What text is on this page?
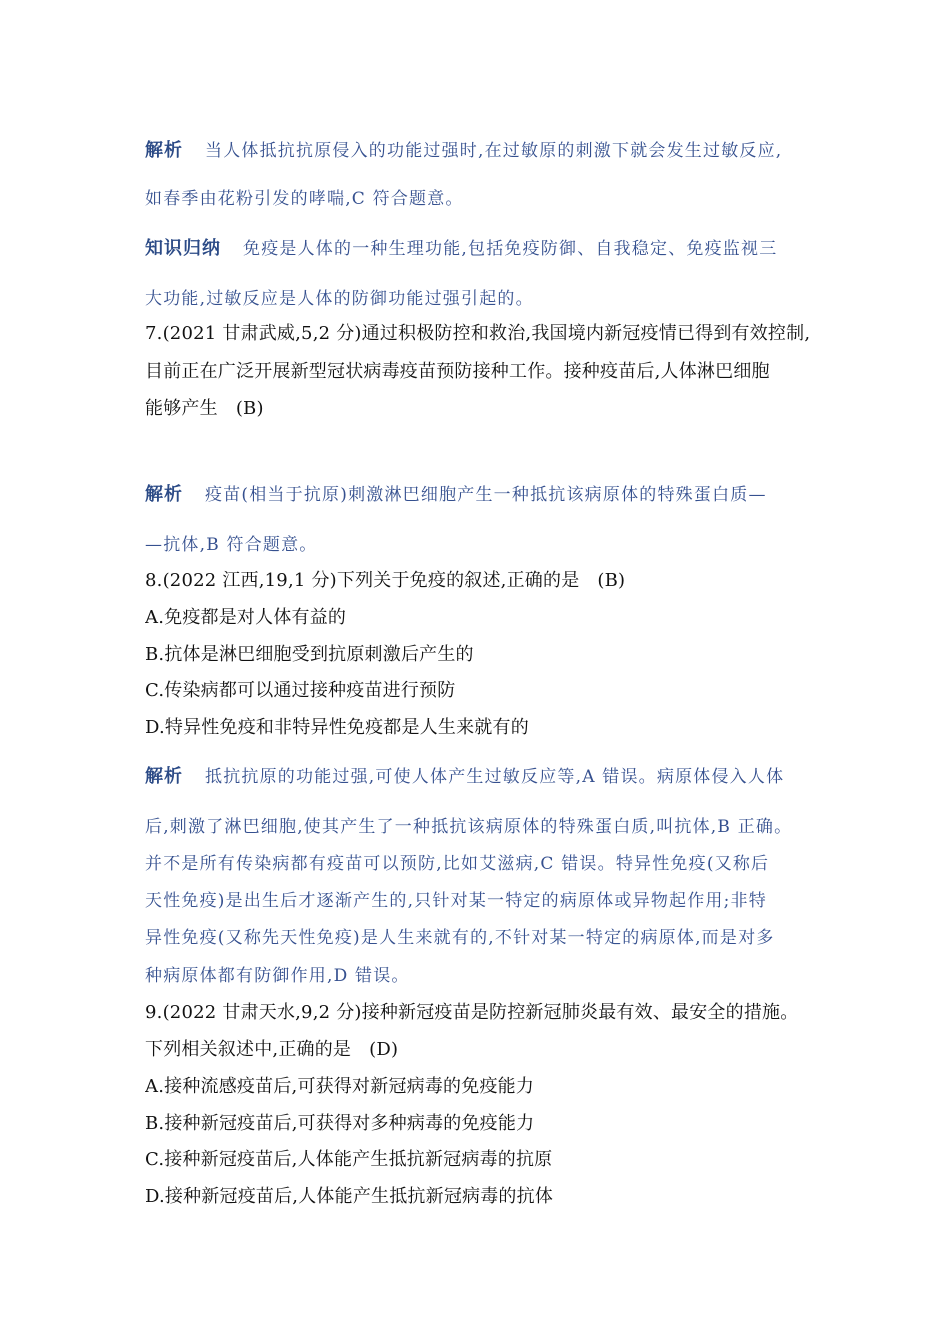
解析 当人体抵抗抗原侵入的功能过强时,在过敏原的刺激下就会发生过敏反应,
如春季由花粉引发的哮喘,C 符合题意。
知识归纳 免疫是人体的一种生理功能,包括免疫防御、自我稳定、免疫监视三
大功能,过敏反应是人体的防御功能过强引起的。
7.(2021 甘肃武威,5,2 分)通过积极防控和救治,我国境内新冠疫情已得到有效控制,
目前正在广泛开展新型冠状病毒疫苗预防接种工作。接种疫苗后,人体淋巴细胞
能够产生 (B)
解析 疫苗(相当于抗原)刺激淋巴细胞产生一种抵抗该病原体的特殊蛋白质—
—抗体,B 符合题意。
8.(2022 江西,19,1 分)下列关于免疫的叙述,正确的是 (B)
A.免疫都是对人体有益的
B.抗体是淋巴细胞受到抗原刺激后产生的
C.传染病都可以通过接种疫苗进行预防
D.特异性免疫和非特异性免疫都是人生来就有的
解析 抵抗抗原的功能过强,可使人体产生过敏反应等,A 错误。病原体侵入人体
后,刺激了淋巴细胞,使其产生了一种抵抗该病原体的特殊蛋白质,叫抗体,B 正确。
并不是所有传染病都有疫苗可以预防,比如艾滋病,C 错误。特异性免疫(又称后
天性免疫)是出生后才逐渐产生的,只针对某一特定的病原体或异物起作用;非特
异性免疫(又称先天性免疫)是人生来就有的,不针对某一特定的病原体,而是对多
种病原体都有防御作用,D 错误。
9.(2022 甘肃天水,9,2 分)接种新冠疫苗是防控新冠肺炎最有效、最安全的措施。
下列相关叙述中,正确的是 (D)
A.接种流感疫苗后,可获得对新冠病毒的免疫能力
B.接种新冠疫苗后,可获得对多种病毒的免疫能力
C.接种新冠疫苗后,人体能产生抵抗新冠病毒的抗原
D.接种新冠疫苗后,人体能产生抵抗新冠病毒的抗体
